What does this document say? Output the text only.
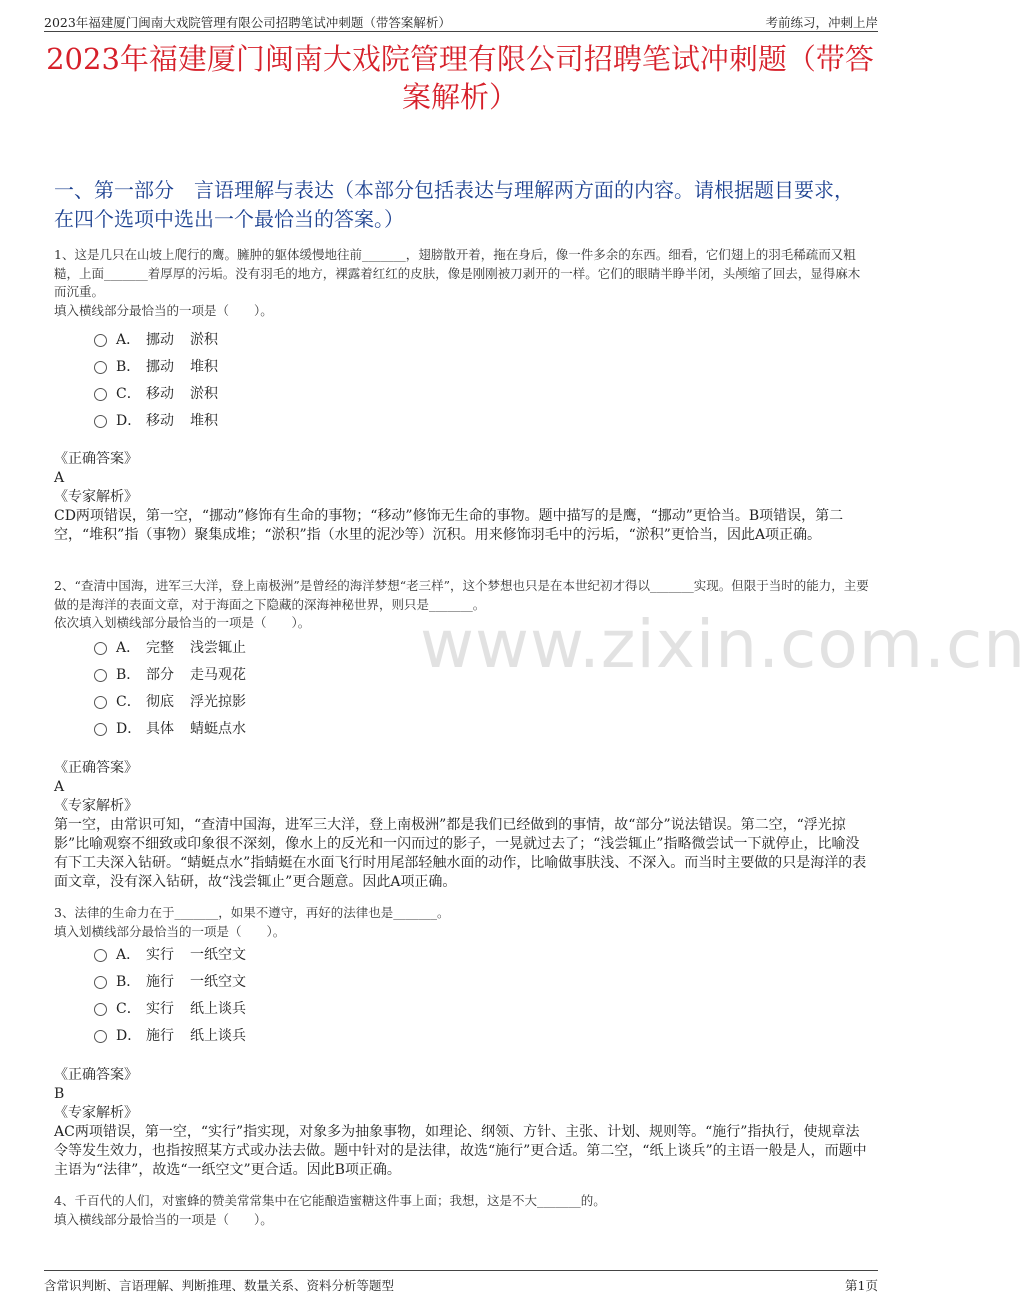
2023年福建厦门闽南大戏院管理有限公司招聘笔试冲刺题（带答案解析）	考前练习，冲刺上岸
2023年福建厦门闽南大戏院管理有限公司招聘笔试冲刺题（带答案解析）
一、第一部分　言语理解与表达（本部分包括表达与理解两方面的内容。请根据题目要求，在四个选项中选出一个最恰当的答案。）
www.zixin.com.cn
1、这是几只在山坡上爬行的鹰。臃肿的躯体缓慢地往前_______，翅膀散开着，拖在身后，像一件多余的东西。细看，它们翅上的羽毛稀疏而又粗糙，上面_______着厚厚的污垢。没有羽毛的地方，裸露着红红的皮肤，像是刚刚被刀剥开的一样。它们的眼睛半睁半闭，头颅缩了回去，显得麻木而沉重。
填入横线部分最恰当的一项是（　　）。
A． 挪动	淤积
B． 挪动	堆积
C． 移动	淤积
D． 移动	堆积
《正确答案》
A
《专家解析》
CD两项错误，第一空，“挪动”修饰有生命的事物；“移动”修饰无生命的事物。题中描写的是鹰，“挪动”更恰当。B项错误，第二空，“堆积”指（事物）聚集成堆；“淤积”指（水里的泥沙等）沉积。用来修饰羽毛中的污垢，“淤积”更恰当，因此A项正确。
2、“查清中国海，进军三大洋，登上南极洲”是曾经的海洋梦想“老三样”，这个梦想也只是在本世纪初才得以_______实现。但限于当时的能力，主要做的是海洋的表面文章，对于海面之下隐藏的深海神秘世界，则只是_______。
依次填入划横线部分最恰当的一项是（　　）。
A． 完整	浅尝辄止
B． 部分	走马观花
C． 彻底	浮光掠影
D． 具体	蜻蜓点水
《正确答案》
A
《专家解析》
第一空，由常识可知，“查清中国海，进军三大洋，登上南极洲”都是我们已经做到的事情，故“部分”说法错误。第二空，“浮光掠影”比喻观察不细致或印象很不深刻，像水上的反光和一闪而过的影子，一晃就过去了；“浅尝辄止”指略微尝试一下就停止，比喻没有下工夫深入钻研。“蜻蜓点水”指蜻蜓在水面飞行时用尾部轻触水面的动作，比喻做事肤浅、不深入。而当时主要做的只是海洋的表面文章，没有深入钻研，故“浅尝辄止”更合题意。因此A项正确。
3、法律的生命力在于_______，如果不遵守，再好的法律也是_______。
填入划横线部分最恰当的一项是（　　）。
A． 实行	一纸空文
B． 施行	一纸空文
C． 实行	纸上谈兵
D． 施行	纸上谈兵
《正确答案》
B
《专家解析》
AC两项错误，第一空，“实行”指实现，对象多为抽象事物，如理论、纲领、方针、主张、计划、规则等。“施行”指执行，使规章法令等发生效力，也指按照某方式或办法去做。题中针对的是法律，故选“施行”更合适。第二空，“纸上谈兵”的主语一般是人，而题中主语为“法律”，故选“一纸空文”更合适。因此B项正确。
4、千百代的人们，对蜜蜂的赞美常常集中在它能酿造蜜糖这件事上面；我想，这是不大_______的。
填入横线部分最恰当的一项是（　　）。
含常识判断、言语理解、判断推理、数量关系、资料分析等题型	第1页
